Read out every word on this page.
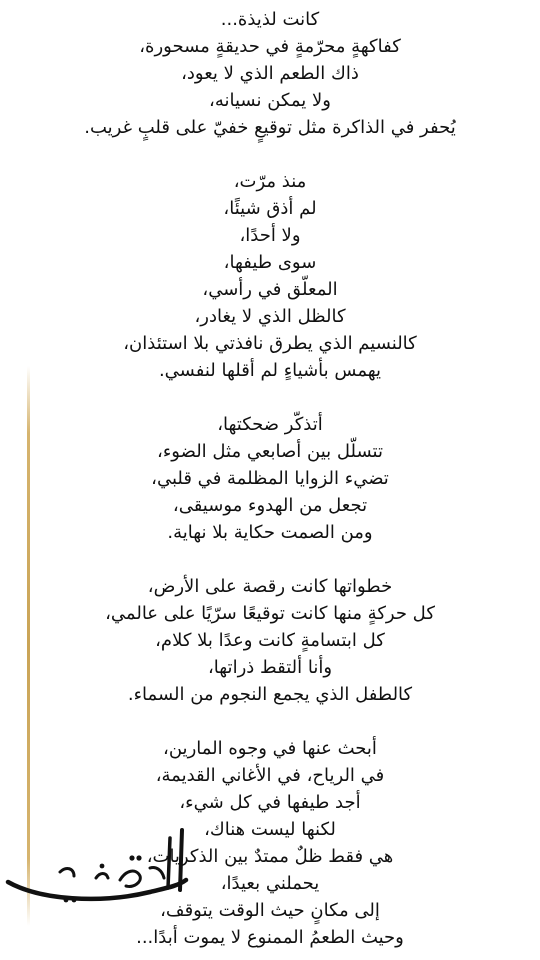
كانت لذيذة...
كفاكهةٍ محرّمةٍ في حديقةٍ مسحورة،
ذاك الطعم الذي لا يعود،
ولا يمكن نسيانه،
يُحفر في الذاكرة مثل توقيعٍ خفيّ على قلبٍ غريب.
منذ مرّت،
لم أذق شيئًا،
ولا أحدًا،
سوى طيفها،
المعلّق في رأسي،
كالظل الذي لا يغادر،
كالنسيم الذي يطرق نافذتي بلا استئذان،
يهمس بأشياءٍ لم أقلها لنفسي.
أتذكّر ضحكتها،
تتسلّل بين أصابعي مثل الضوء،
تضيء الزوايا المظلمة في قلبي،
تجعل من الهدوء موسيقى،
ومن الصمت حكاية بلا نهاية.
خطواتها كانت رقصة على الأرض،
كل حركةٍ منها كانت توقيعًا سرّيًا على عالمي،
كل ابتسامةٍ كانت وعدًا بلا كلام،
وأنا ألتقط ذراتها،
كالطفل الذي يجمع النجوم من السماء.
أبحث عنها في وجوه المارين،
في الرياح، في الأغاني القديمة،
أجد طيفها في كل شيء،
لكنها ليست هناك،
هي فقط ظلٌ ممتدٌ بين الذكريات،
يحملني بعيدًا،
إلى مكانٍ حيث الوقت يتوقف،
وحيث الطعمُ الممنوع لا يموت أبدًا...
